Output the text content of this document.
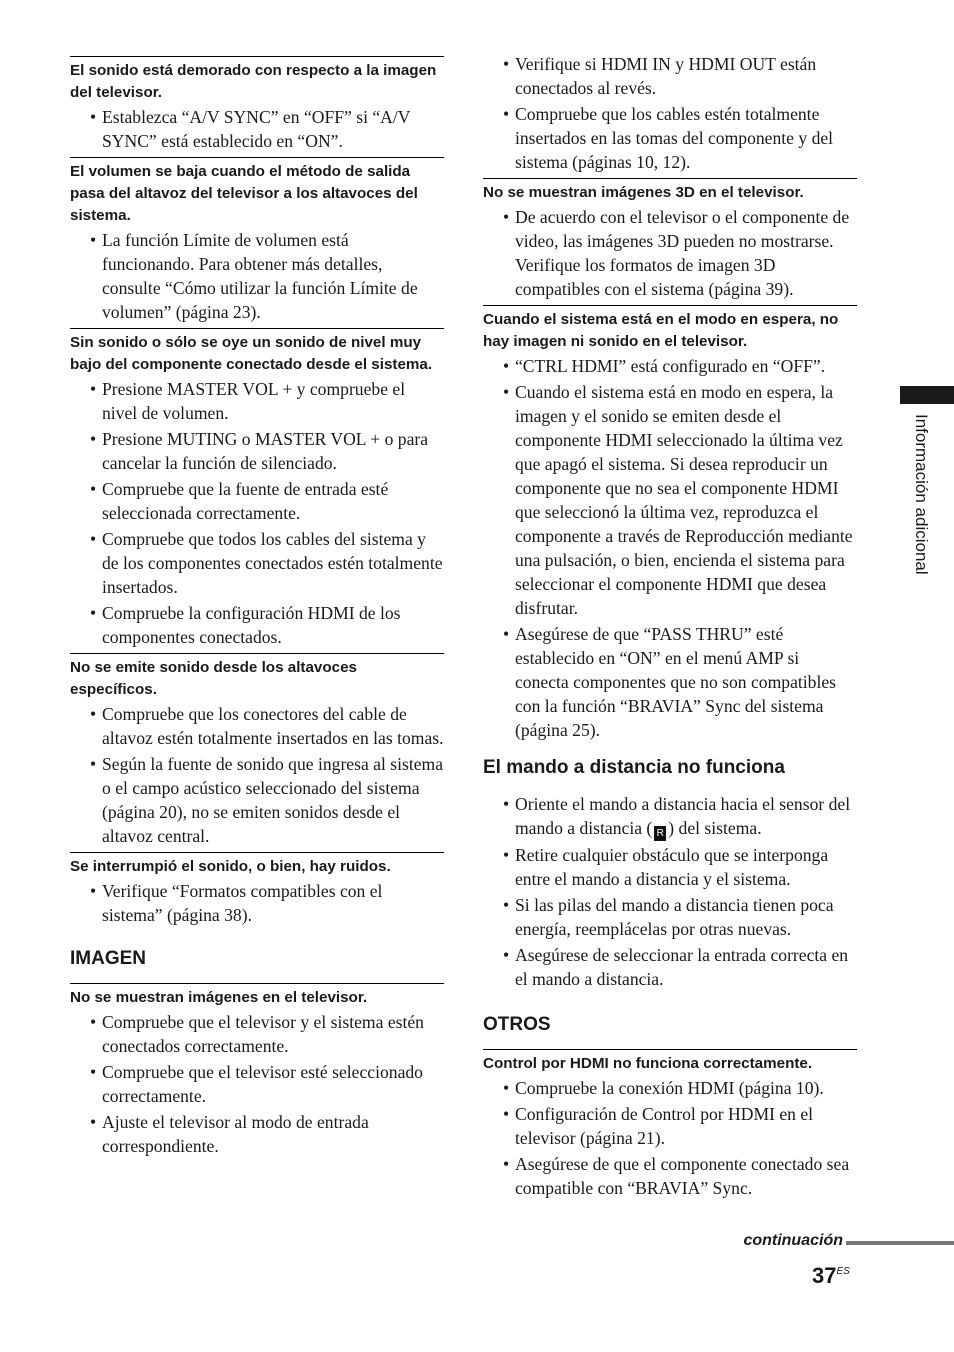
El sonido está demorado con respecto a la imagen del televisor.
• Establezca “A/V SYNC” en “OFF” si “A/V SYNC” está establecido en “ON”.
El volumen se baja cuando el método de salida pasa del altavoz del televisor a los altavoces del sistema.
• La función Límite de volumen está funcionando. Para obtener más detalles, consulte “Cómo utilizar la función Límite de volumen” (página 23).
Sin sonido o sólo se oye un sonido de nivel muy bajo del componente conectado desde el sistema.
• Presione MASTER VOL + y compruebe el nivel de volumen.
• Presione MUTING o MASTER VOL + o para cancelar la función de silenciado.
• Compruebe que la fuente de entrada esté seleccionada correctamente.
• Compruebe que todos los cables del sistema y de los componentes conectados estén totalmente insertados.
• Compruebe la configuración HDMI de los componentes conectados.
No se emite sonido desde los altavoces específicos.
• Compruebe que los conectores del cable de altavoz estén totalmente insertados en las tomas.
• Según la fuente de sonido que ingresa al sistema o el campo acústico seleccionado del sistema (página 20), no se emiten sonidos desde el altavoz central.
Se interrumpió el sonido, o bien, hay ruidos.
• Verifique “Formatos compatibles con el sistema” (página 38).
IMAGEN
No se muestran imágenes en el televisor.
• Compruebe que el televisor y el sistema estén conectados correctamente.
• Compruebe que el televisor esté seleccionado correctamente.
• Ajuste el televisor al modo de entrada correspondiente.
• Verifique si HDMI IN y HDMI OUT están conectados al revés.
• Compruebe que los cables estén totalmente insertados en las tomas del componente y del sistema (páginas 10, 12).
No se muestran imágenes 3D en el televisor.
• De acuerdo con el televisor o el componente de video, las imágenes 3D pueden no mostrarse. Verifique los formatos de imagen 3D compatibles con el sistema (página 39).
Cuando el sistema está en el modo en espera, no hay imagen ni sonido en el televisor.
• “CTRL HDMI” está configurado en “OFF”.
• Cuando el sistema está en modo en espera, la imagen y el sonido se emiten desde el componente HDMI seleccionado la última vez que apagó el sistema. Si desea reproducir un componente que no sea el componente HDMI que seleccionó la última vez, reproduzca el componente a través de Reproducción mediante una pulsación, o bien, encienda el sistema para seleccionar el componente HDMI que desea disfrutar.
• Asegúrese de que “PASS THRU” esté establecido en “ON” en el menú AMP si conecta componentes que no son compatibles con la función “BRAVIA” Sync del sistema (página 25).
El mando a distancia no funciona
• Oriente el mando a distancia hacia el sensor del mando a distancia ( R ) del sistema.
• Retire cualquier obstáculo que se interponga entre el mando a distancia y el sistema.
• Si las pilas del mando a distancia tienen poca energía, reemplácelas por otras nuevas.
• Asegúrese de seleccionar la entrada correcta en el mando a distancia.
OTROS
Control por HDMI no funciona correctamente.
• Compruebe la conexión HDMI (página 10).
• Configuración de Control por HDMI en el televisor (página 21).
• Asegúrese de que el componente conectado sea compatible con “BRAVIA” Sync.
Información adicional
continuación
$37^{ES}$
